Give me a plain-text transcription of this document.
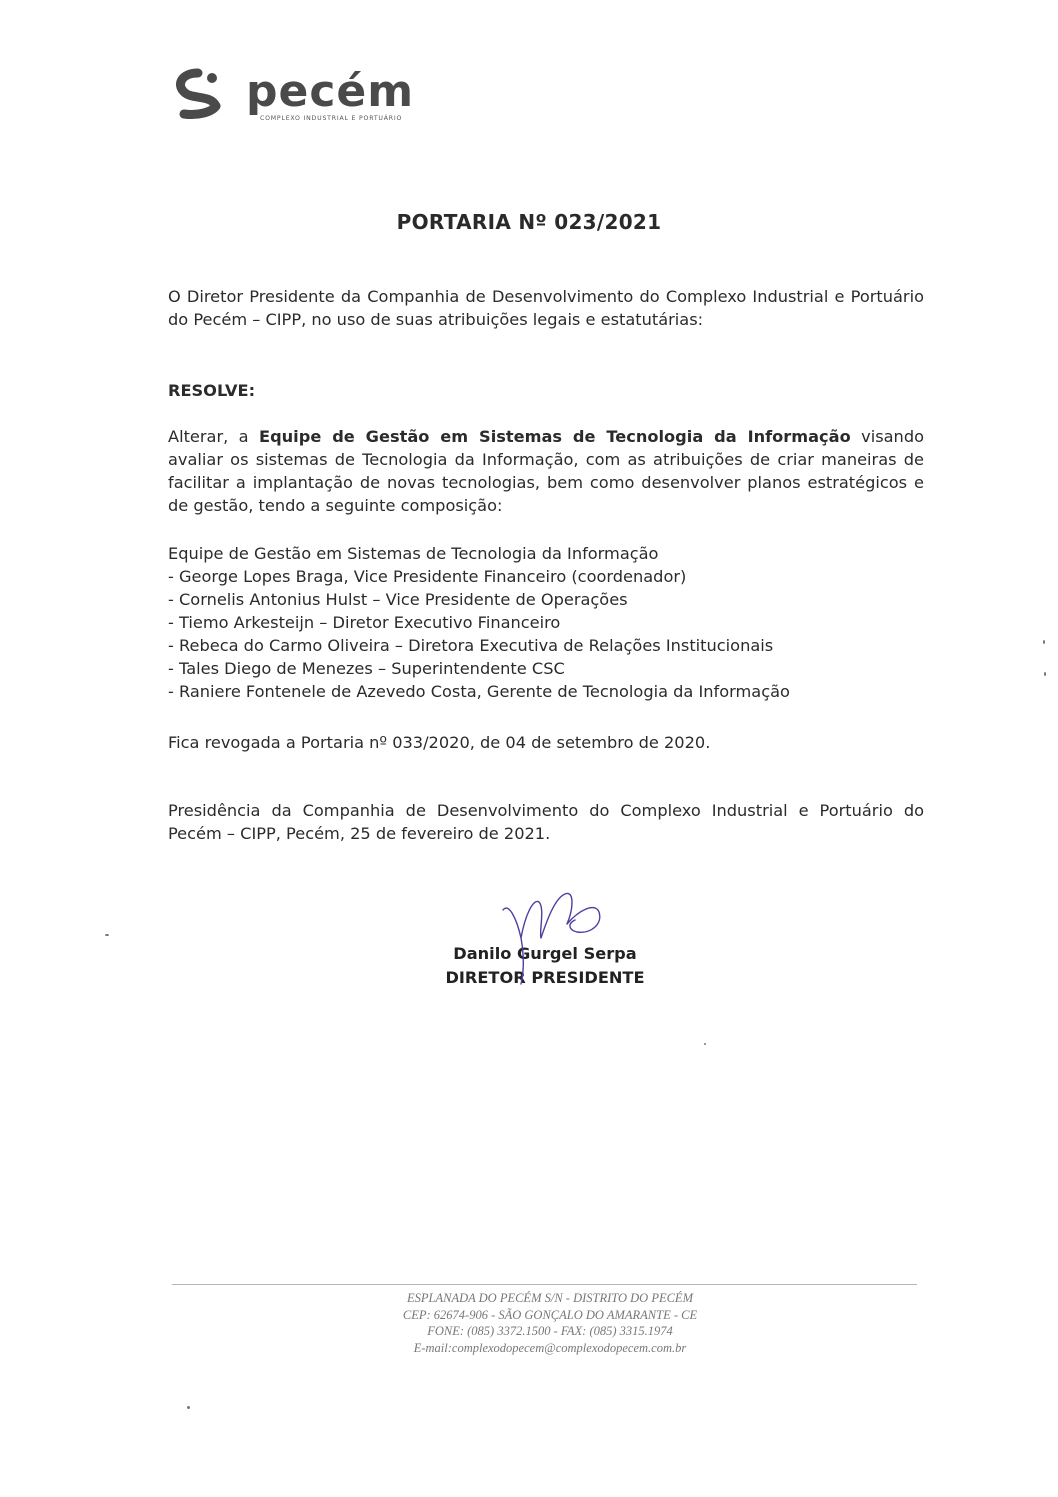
pecém
COMPLEXO INDUSTRIAL E PORTUÁRIO
PORTARIA Nº 023/2021
O Diretor Presidente da Companhia de Desenvolvimento do Complexo Industrial e Portuário do Pecém – CIPP, no uso de suas atribuições legais e estatutárias:
RESOLVE:
Alterar, a Equipe de Gestão em Sistemas de Tecnologia da Informação visando avaliar os sistemas de Tecnologia da Informação, com as atribuições de criar maneiras de facilitar a implantação de novas tecnologias, bem como desenvolver planos estratégicos e de gestão, tendo a seguinte composição:
Equipe de Gestão em Sistemas de Tecnologia da Informação
- George Lopes Braga, Vice Presidente Financeiro (coordenador)
- Cornelis Antonius Hulst – Vice Presidente de Operações
- Tiemo Arkesteijn – Diretor Executivo Financeiro
- Rebeca do Carmo Oliveira – Diretora Executiva de Relações Institucionais
- Tales Diego de Menezes – Superintendente CSC
- Raniere Fontenele de Azevedo Costa, Gerente de Tecnologia da Informação
Fica revogada a Portaria nº 033/2020, de 04 de setembro de 2020.
Presidência da Companhia de Desenvolvimento do Complexo Industrial e Portuário do Pecém – CIPP, Pecém, 25 de fevereiro de 2021.
Danilo Gurgel Serpa
DIRETOR PRESIDENTE
ESPLANADA DO PECÉM S/N - DISTRITO DO PECÉM
CEP: 62674-906 - SÃO GONÇALO DO AMARANTE - CE
FONE: (085) 3372.1500 - FAX: (085) 3315.1974
E-mail:complexodopecem@complexodopecem.com.br
